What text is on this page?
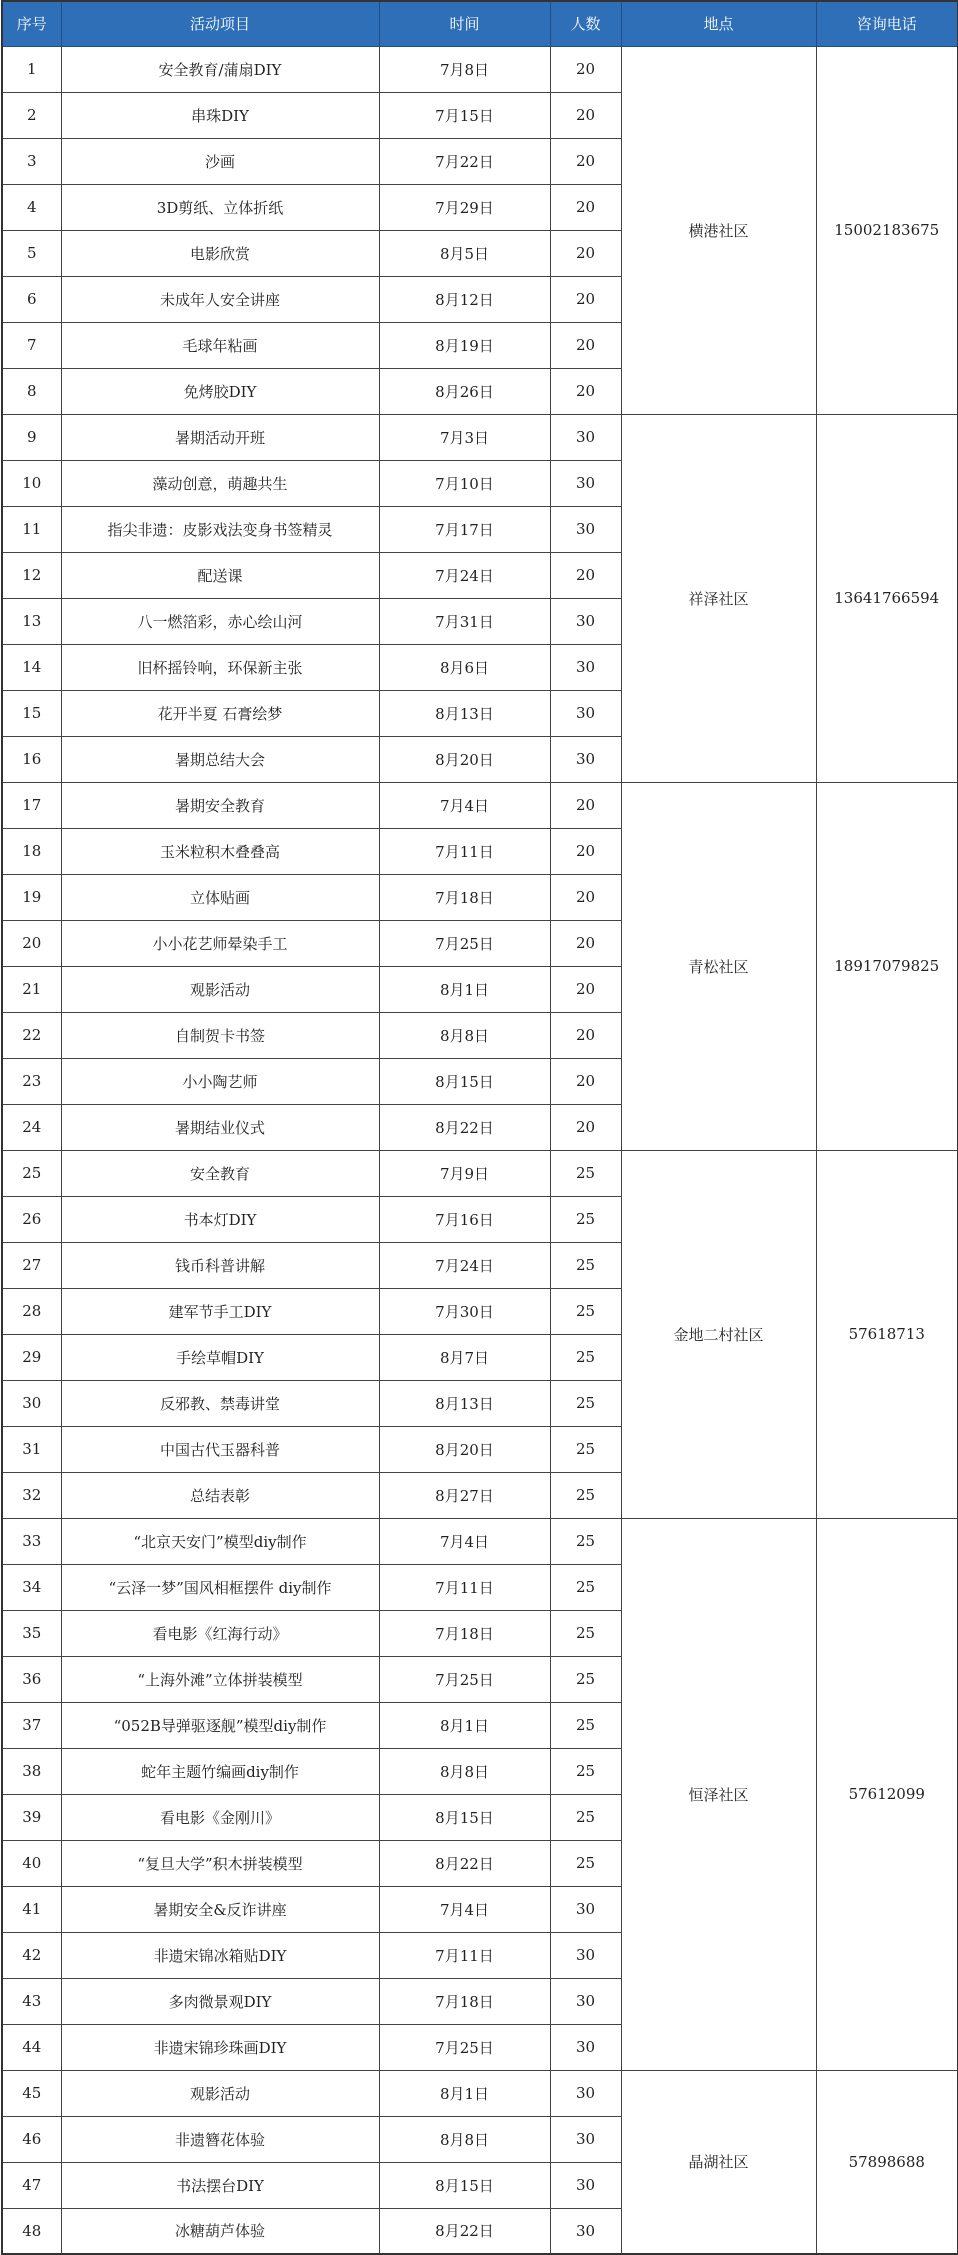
序号	活动项目	时间	人数	地点	咨询电话
1	安全教育/蒲扇DIY	7月8日	20	横港社区	15002183675
2	串珠DIY	7月15日	20		
3	沙画	7月22日	20		
4	3D剪纸、立体折纸	7月29日	20		
5	电影欣赏	8月5日	20		
6	未成年人安全讲座	8月12日	20		
7	毛球年粘画	8月19日	20		
8	免烤胶DIY	8月26日	20		
9	暑期活动开班	7月3日	30	祥泽社区	13641766594
10	藻动创意，萌趣共生	7月10日	30		
11	指尖非遗：皮影戏法变身书签精灵	7月17日	30		
12	配送课	7月24日	20		
13	八一燃箔彩，赤心绘山河	7月31日	30		
14	旧杯摇铃响，环保新主张	8月6日	30		
15	花开半夏 石膏绘梦	8月13日	30		
16	暑期总结大会	8月20日	30		
17	暑期安全教育	7月4日	20	青松社区	18917079825
18	玉米粒积木叠叠高	7月11日	20		
19	立体贴画	7月18日	20		
20	小小花艺师晕染手工	7月25日	20		
21	观影活动	8月1日	20		
22	自制贺卡书签	8月8日	20		
23	小小陶艺师	8月15日	20		
24	暑期结业仪式	8月22日	20		
25	安全教育	7月9日	25	金地二村社区	57618713
26	书本灯DIY	7月16日	25		
27	钱币科普讲解	7月24日	25		
28	建军节手工DIY	7月30日	25		
29	手绘草帽DIY	8月7日	25		
30	反邪教、禁毒讲堂	8月13日	25		
31	中国古代玉器科普	8月20日	25		
32	总结表彰	8月27日	25		
33	“北京天安门”模型diy制作	7月4日	25	恒泽社区	57612099
34	“云泽一梦”国风相框摆件 diy制作	7月11日	25		
35	看电影《红海行动》	7月18日	25		
36	“上海外滩”立体拼装模型	7月25日	25		
37	“052B导弹驱逐舰”模型diy制作	8月1日	25		
38	蛇年主题竹编画diy制作	8月8日	25		
39	看电影《金刚川》	8月15日	25		
40	“复旦大学”积木拼装模型	8月22日	25		
41	暑期安全&反诈讲座	7月4日	30		
42	非遗宋锦冰箱贴DIY	7月11日	30		
43	多肉微景观DIY	7月18日	30		
44	非遗宋锦珍珠画DIY	7月25日	30		
45	观影活动	8月1日	30	晶湖社区	57898688
46	非遗簪花体验	8月8日	30		
47	书法摆台DIY	8月15日	30		
48	冰糖葫芦体验	8月22日	30		
